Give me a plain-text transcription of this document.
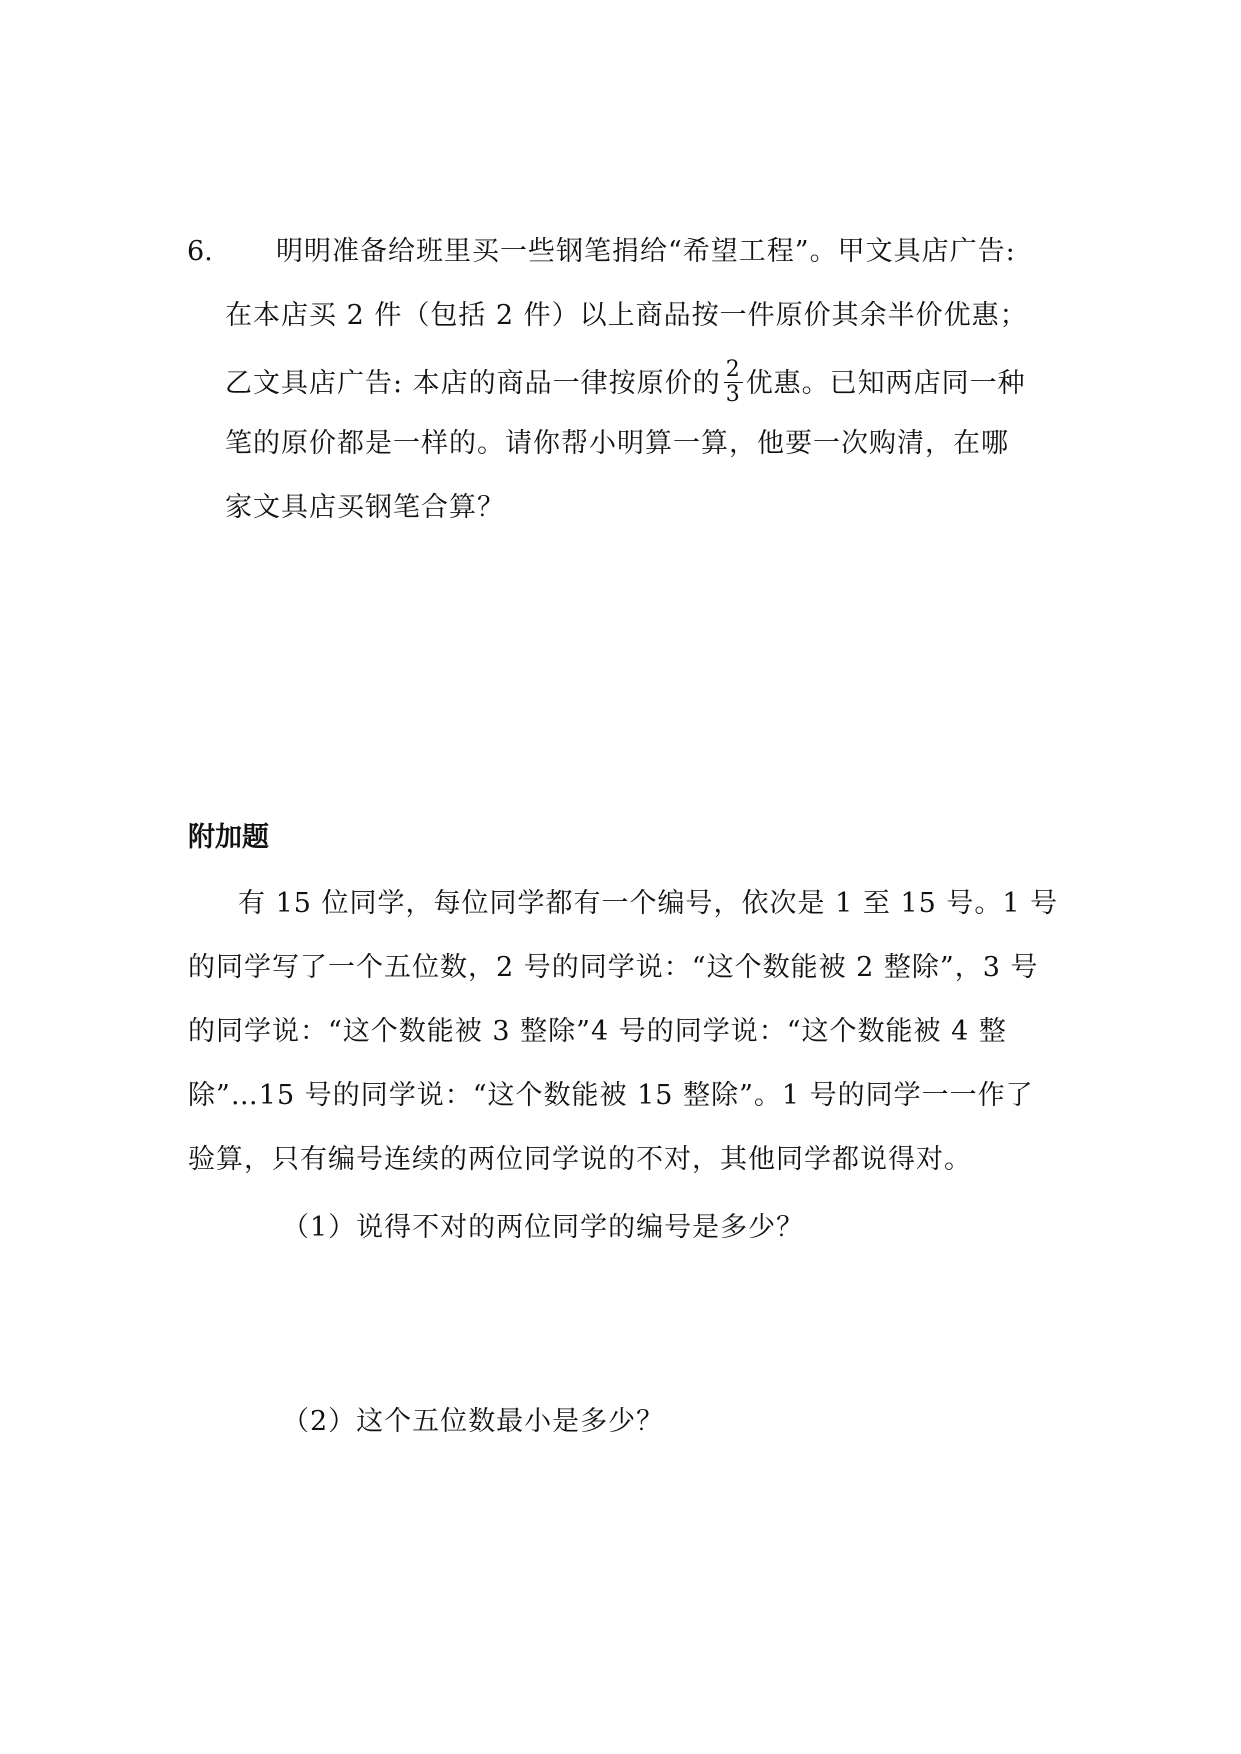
6. 明明准备给班里买一些钢笔捐给“希望工程”。甲文具店广告:
在本店买 2 件（包括 2 件）以上商品按一件原价其余半价优惠；
乙文具店广告: 本店的商品一律按原价的 $\frac{2}{3}$ 优惠。已知两店同一种
笔的原价都是一样的。请你帮小明算一算，他要一次购清，在哪
家文具店买钢笔合算？
附加题
有 15 位同学，每位同学都有一个编号，依次是 1 至 15 号。1 号
的同学写了一个五位数，2 号的同学说：“这个数能被 2 整除”，3 号
的同学说：“这个数能被 3 整除”4 号的同学说：“这个数能被 4 整
除”…15 号的同学说：“这个数能被 15 整除”。1 号的同学一一作了
验算，只有编号连续的两位同学说的不对，其他同学都说得对。
（1）说得不对的两位同学的编号是多少？
（2）这个五位数最小是多少？
